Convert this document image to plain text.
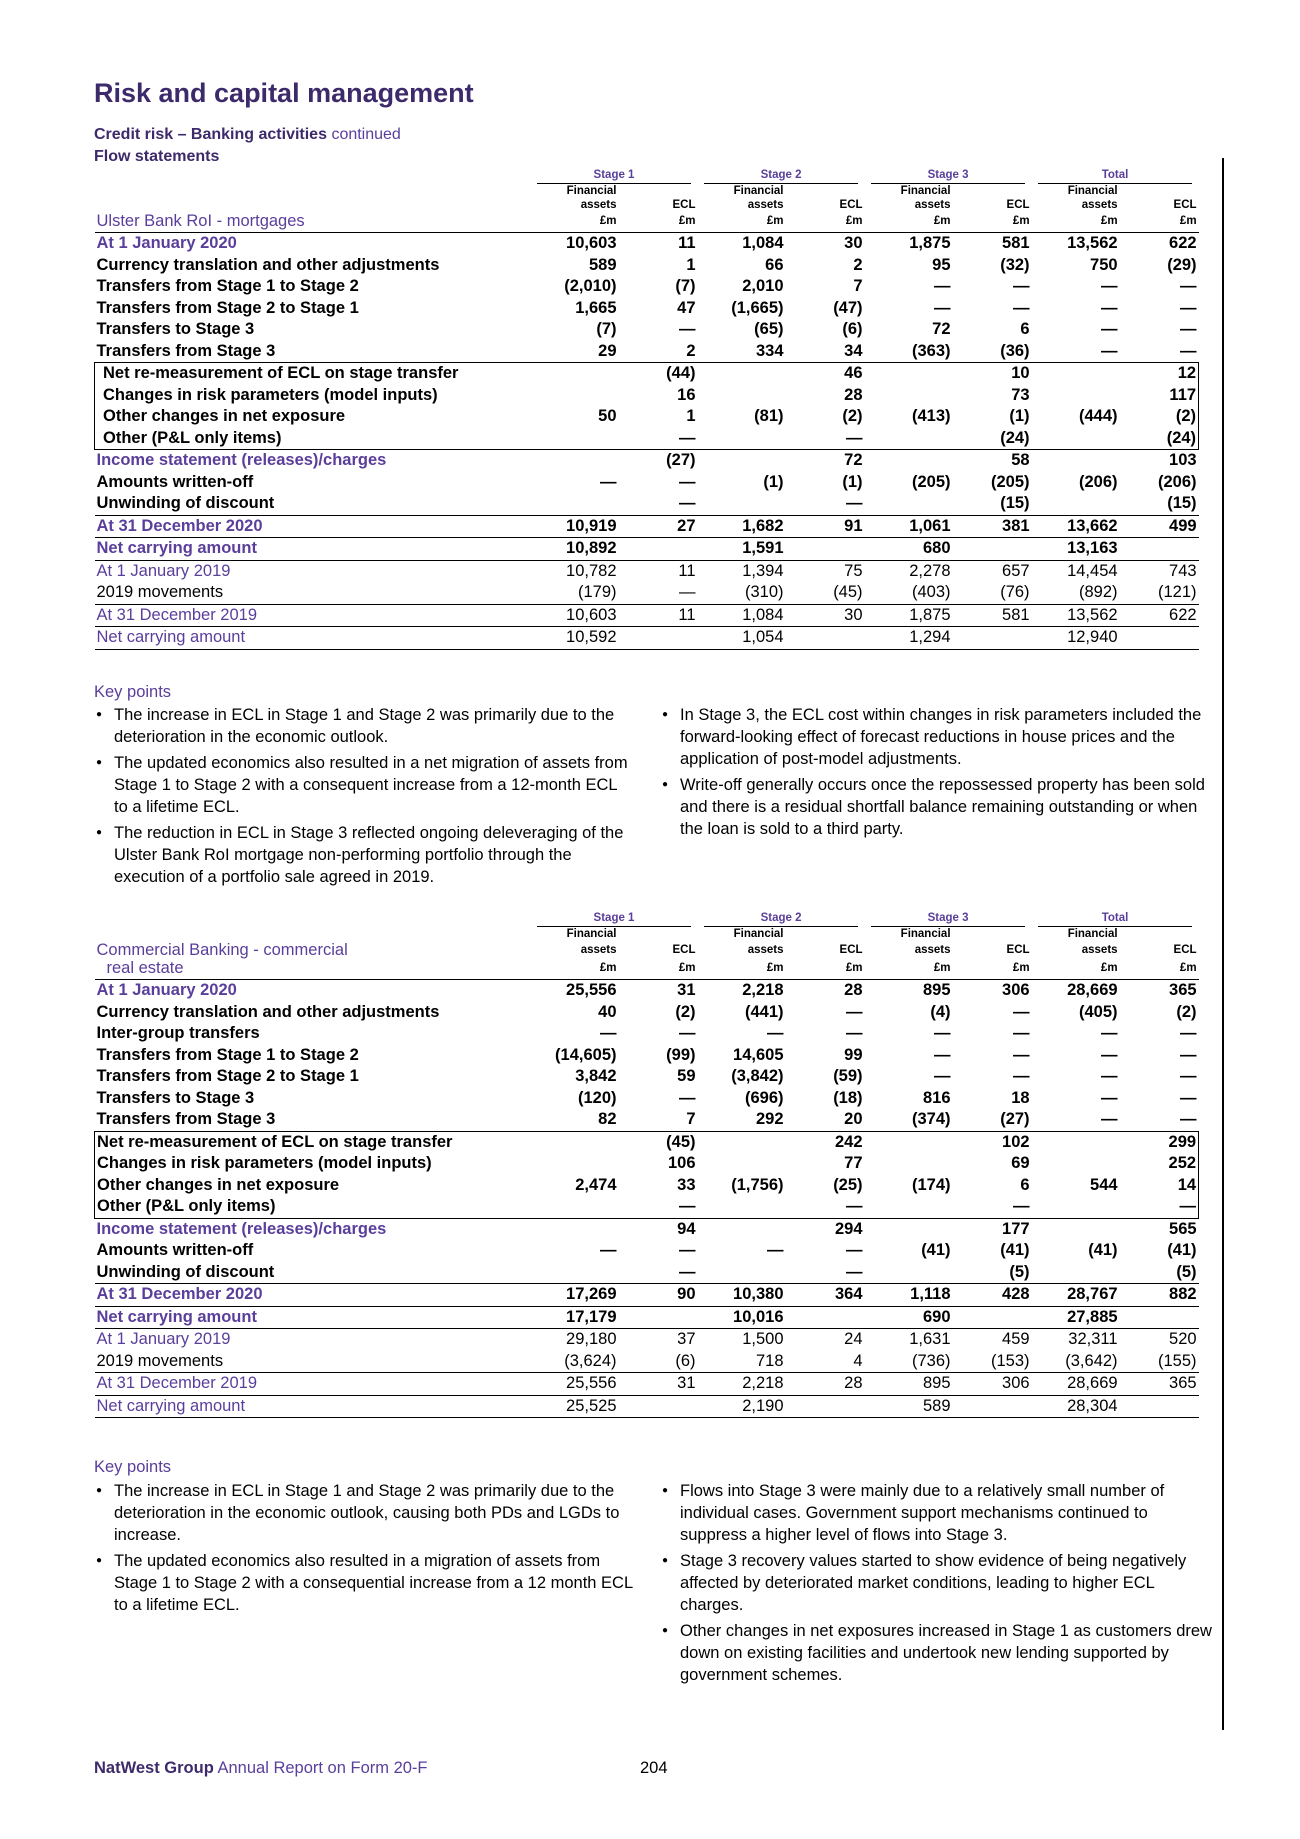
Risk and capital management
Credit risk – Banking activities continued
Flow statements
	Stage 1		Stage 2		Stage 3		Total	
	Financial		Financial		Financial		Financial	
	assets	ECL	assets	ECL	assets	ECL	assets	ECL
Ulster Bank RoI - mortgages	£m	£m	£m	£m	£m	£m	£m	£m
At 1 January 2020	10,603	11	1,084	30	1,875	581	13,562	622
Currency translation and other adjustments	589	1	66	2	95	(32)	750	(29)
Transfers from Stage 1 to Stage 2	(2,010)	(7)	2,010	7	—	—	—	—
Transfers from Stage 2 to Stage 1	1,665	47	(1,665)	(47)	—	—	—	—
Transfers to Stage 3	(7)	—	(65)	(6)	72	6	—	—
Transfers from Stage 3	29	2	334	34	(363)	(36)	—	—
Net re-measurement of ECL on stage transfer		(44)		46		10		12
Changes in risk parameters (model inputs)		16		28		73		117
Other changes in net exposure	50	1	(81)	(2)	(413)	(1)	(444)	(2)
Other (P&L only items)		—		—		(24)		(24)
Income statement (releases)/charges		(27)		72		58		103
Amounts written-off	—	—	(1)	(1)	(205)	(205)	(206)	(206)
Unwinding of discount		—		—		(15)		(15)
At 31 December 2020	10,919	27	1,682	91	1,061	381	13,662	499
Net carrying amount	10,892		1,591		680		13,163	
At 1 January 2019	10,782	11	1,394	75	2,278	657	14,454	743
2019 movements	(179)	—	(310)	(45)	(403)	(76)	(892)	(121)
At 31 December 2019	10,603	11	1,084	30	1,875	581	13,562	622
Net carrying amount	10,592		1,054		1,294		12,940	
Key points
● The increase in ECL in Stage 1 and Stage 2 was primarily due to the deterioration in the economic outlook.
● The updated economics also resulted in a net migration of assets from Stage 1 to Stage 2 with a consequent increase from a 12-month ECL to a lifetime ECL.
● The reduction in ECL in Stage 3 reflected ongoing deleveraging of the Ulster Bank RoI mortgage non-performing portfolio through the execution of a portfolio sale agreed in 2019.
● In Stage 3, the ECL cost within changes in risk parameters included the forward-looking effect of forecast reductions in house prices and the application of post-model adjustments.
● Write-off generally occurs once the repossessed property has been sold and there is a residual shortfall balance remaining outstanding or when the loan is sold to a third party.
	Stage 1		Stage 2		Stage 3		Total	
	Financial		Financial		Financial		Financial	
Commercial Banking - commercial	assets	ECL	assets	ECL	assets	ECL	assets	ECL
real estate	£m	£m	£m	£m	£m	£m	£m	£m
At 1 January 2020	25,556	31	2,218	28	895	306	28,669	365
Currency translation and other adjustments	40	(2)	(441)	—	(4)	—	(405)	(2)
Inter-group transfers	—	—	—	—	—	—	—	—
Transfers from Stage 1 to Stage 2	(14,605)	(99)	14,605	99	—	—	—	—
Transfers from Stage 2 to Stage 1	3,842	59	(3,842)	(59)	—	—	—	—
Transfers to Stage 3	(120)	—	(696)	(18)	816	18	—	—
Transfers from Stage 3	82	7	292	20	(374)	(27)	—	—
Net re-measurement of ECL on stage transfer		(45)		242		102		299
Changes in risk parameters (model inputs)		106		77		69		252
Other changes in net exposure	2,474	33	(1,756)	(25)	(174)	6	544	14
Other (P&L only items)		—		—		—		—
Income statement (releases)/charges		94		294		177		565
Amounts written-off	—	—	—	—	(41)	(41)	(41)	(41)
Unwinding of discount		—		—		(5)		(5)
At 31 December 2020	17,269	90	10,380	364	1,118	428	28,767	882
Net carrying amount	17,179		10,016		690		27,885	
At 1 January 2019	29,180	37	1,500	24	1,631	459	32,311	520
2019 movements	(3,624)	(6)	718	4	(736)	(153)	(3,642)	(155)
At 31 December 2019	25,556	31	2,218	28	895	306	28,669	365
Net carrying amount	25,525		2,190		589		28,304	
Key points
● The increase in ECL in Stage 1 and Stage 2 was primarily due to the deterioration in the economic outlook, causing both PDs and LGDs to increase.
● The updated economics also resulted in a migration of assets from Stage 1 to Stage 2 with a consequential increase from a 12 month ECL to a lifetime ECL.
● Flows into Stage 3 were mainly due to a relatively small number of individual cases. Government support mechanisms continued to suppress a higher level of flows into Stage 3.
● Stage 3 recovery values started to show evidence of being negatively affected by deteriorated market conditions, leading to higher ECL charges.
● Other changes in net exposures increased in Stage 1 as customers drew down on existing facilities and undertook new lending supported by government schemes.
NatWest Group Annual Report on Form 20-F	204
